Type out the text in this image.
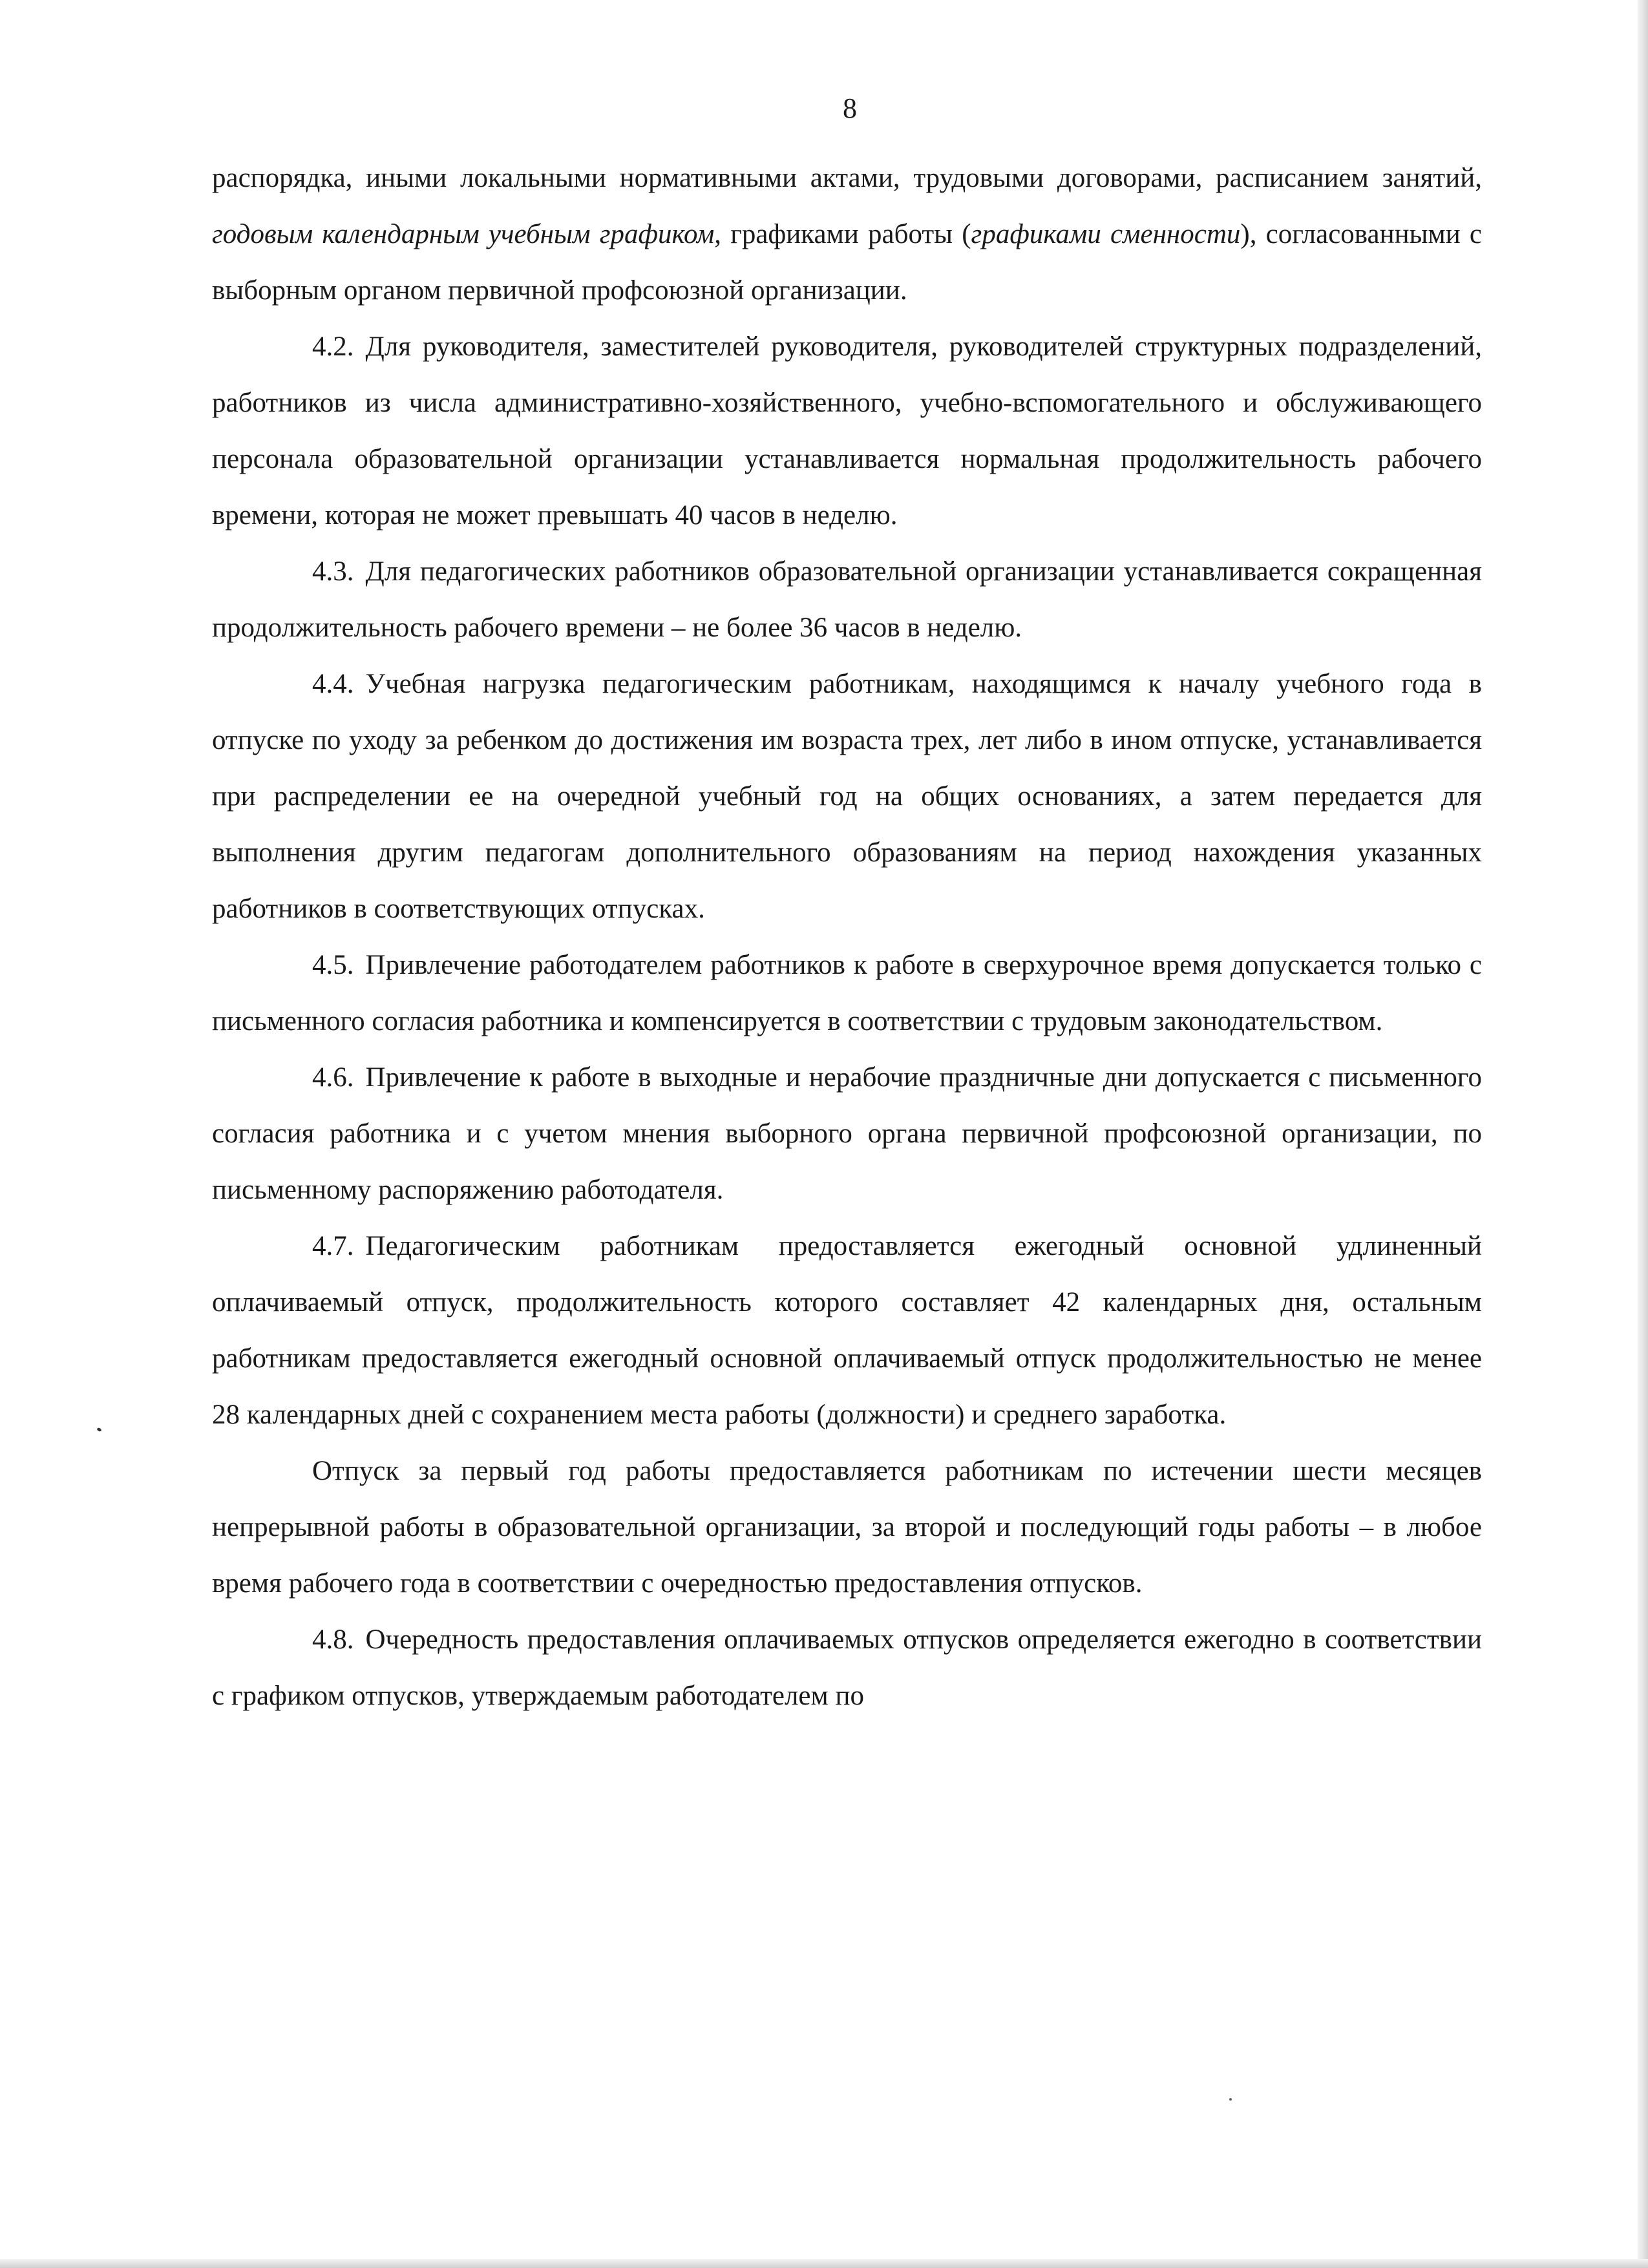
8

распорядка, иными локальными нормативными актами, трудовыми договорами, расписанием занятий, годовым календарным учебным графиком, графиками работы (графиками сменности), согласованными с выборным органом первичной профсоюзной организации.

4.2. Для руководителя, заместителей руководителя, руководителей структурных подразделений, работников из числа административно-хозяйственного, учебно-вспомогательного и обслуживающего персонала образовательной организации устанавливается нормальная продолжительность рабочего времени, которая не может превышать 40 часов в неделю.

4.3. Для педагогических работников образовательной организации устанавливается сокращенная продолжительность рабочего времени – не более 36 часов в неделю.

4.4. Учебная нагрузка педагогическим работникам, находящимся к началу учебного года в отпуске по уходу за ребенком до достижения им возраста трех, лет либо в ином отпуске, устанавливается при распределении ее на очередной учебный год на общих основаниях, а затем передается для выполнения другим педагогам дополнительного образованиям на период нахождения указанных работников в соответствующих отпусках.

4.5. Привлечение работодателем работников к работе в сверхурочное время допускается только с письменного согласия работника и компенсируется в соответствии с трудовым законодательством.

4.6. Привлечение к работе в выходные и нерабочие праздничные дни допускается с письменного согласия работника и с учетом мнения выборного органа первичной профсоюзной организации, по письменному распоряжению работодателя.

4.7. Педагогическим работникам предоставляется ежегодный основной удлиненный оплачиваемый отпуск, продолжительность которого составляет 42 календарных дня, остальным работникам предоставляется ежегодный основной оплачиваемый отпуск продолжительностью не менее 28 календарных дней с сохранением места работы (должности) и среднего заработка.

Отпуск за первый год работы предоставляется работникам по истечении шести месяцев непрерывной работы в образовательной организации, за второй и последующий годы работы – в любое время рабочего года в соответствии с очередностью предоставления отпусков.

4.8. Очередность предоставления оплачиваемых отпусков определяется ежегодно в соответствии с графиком отпусков, утверждаемым работодателем по
